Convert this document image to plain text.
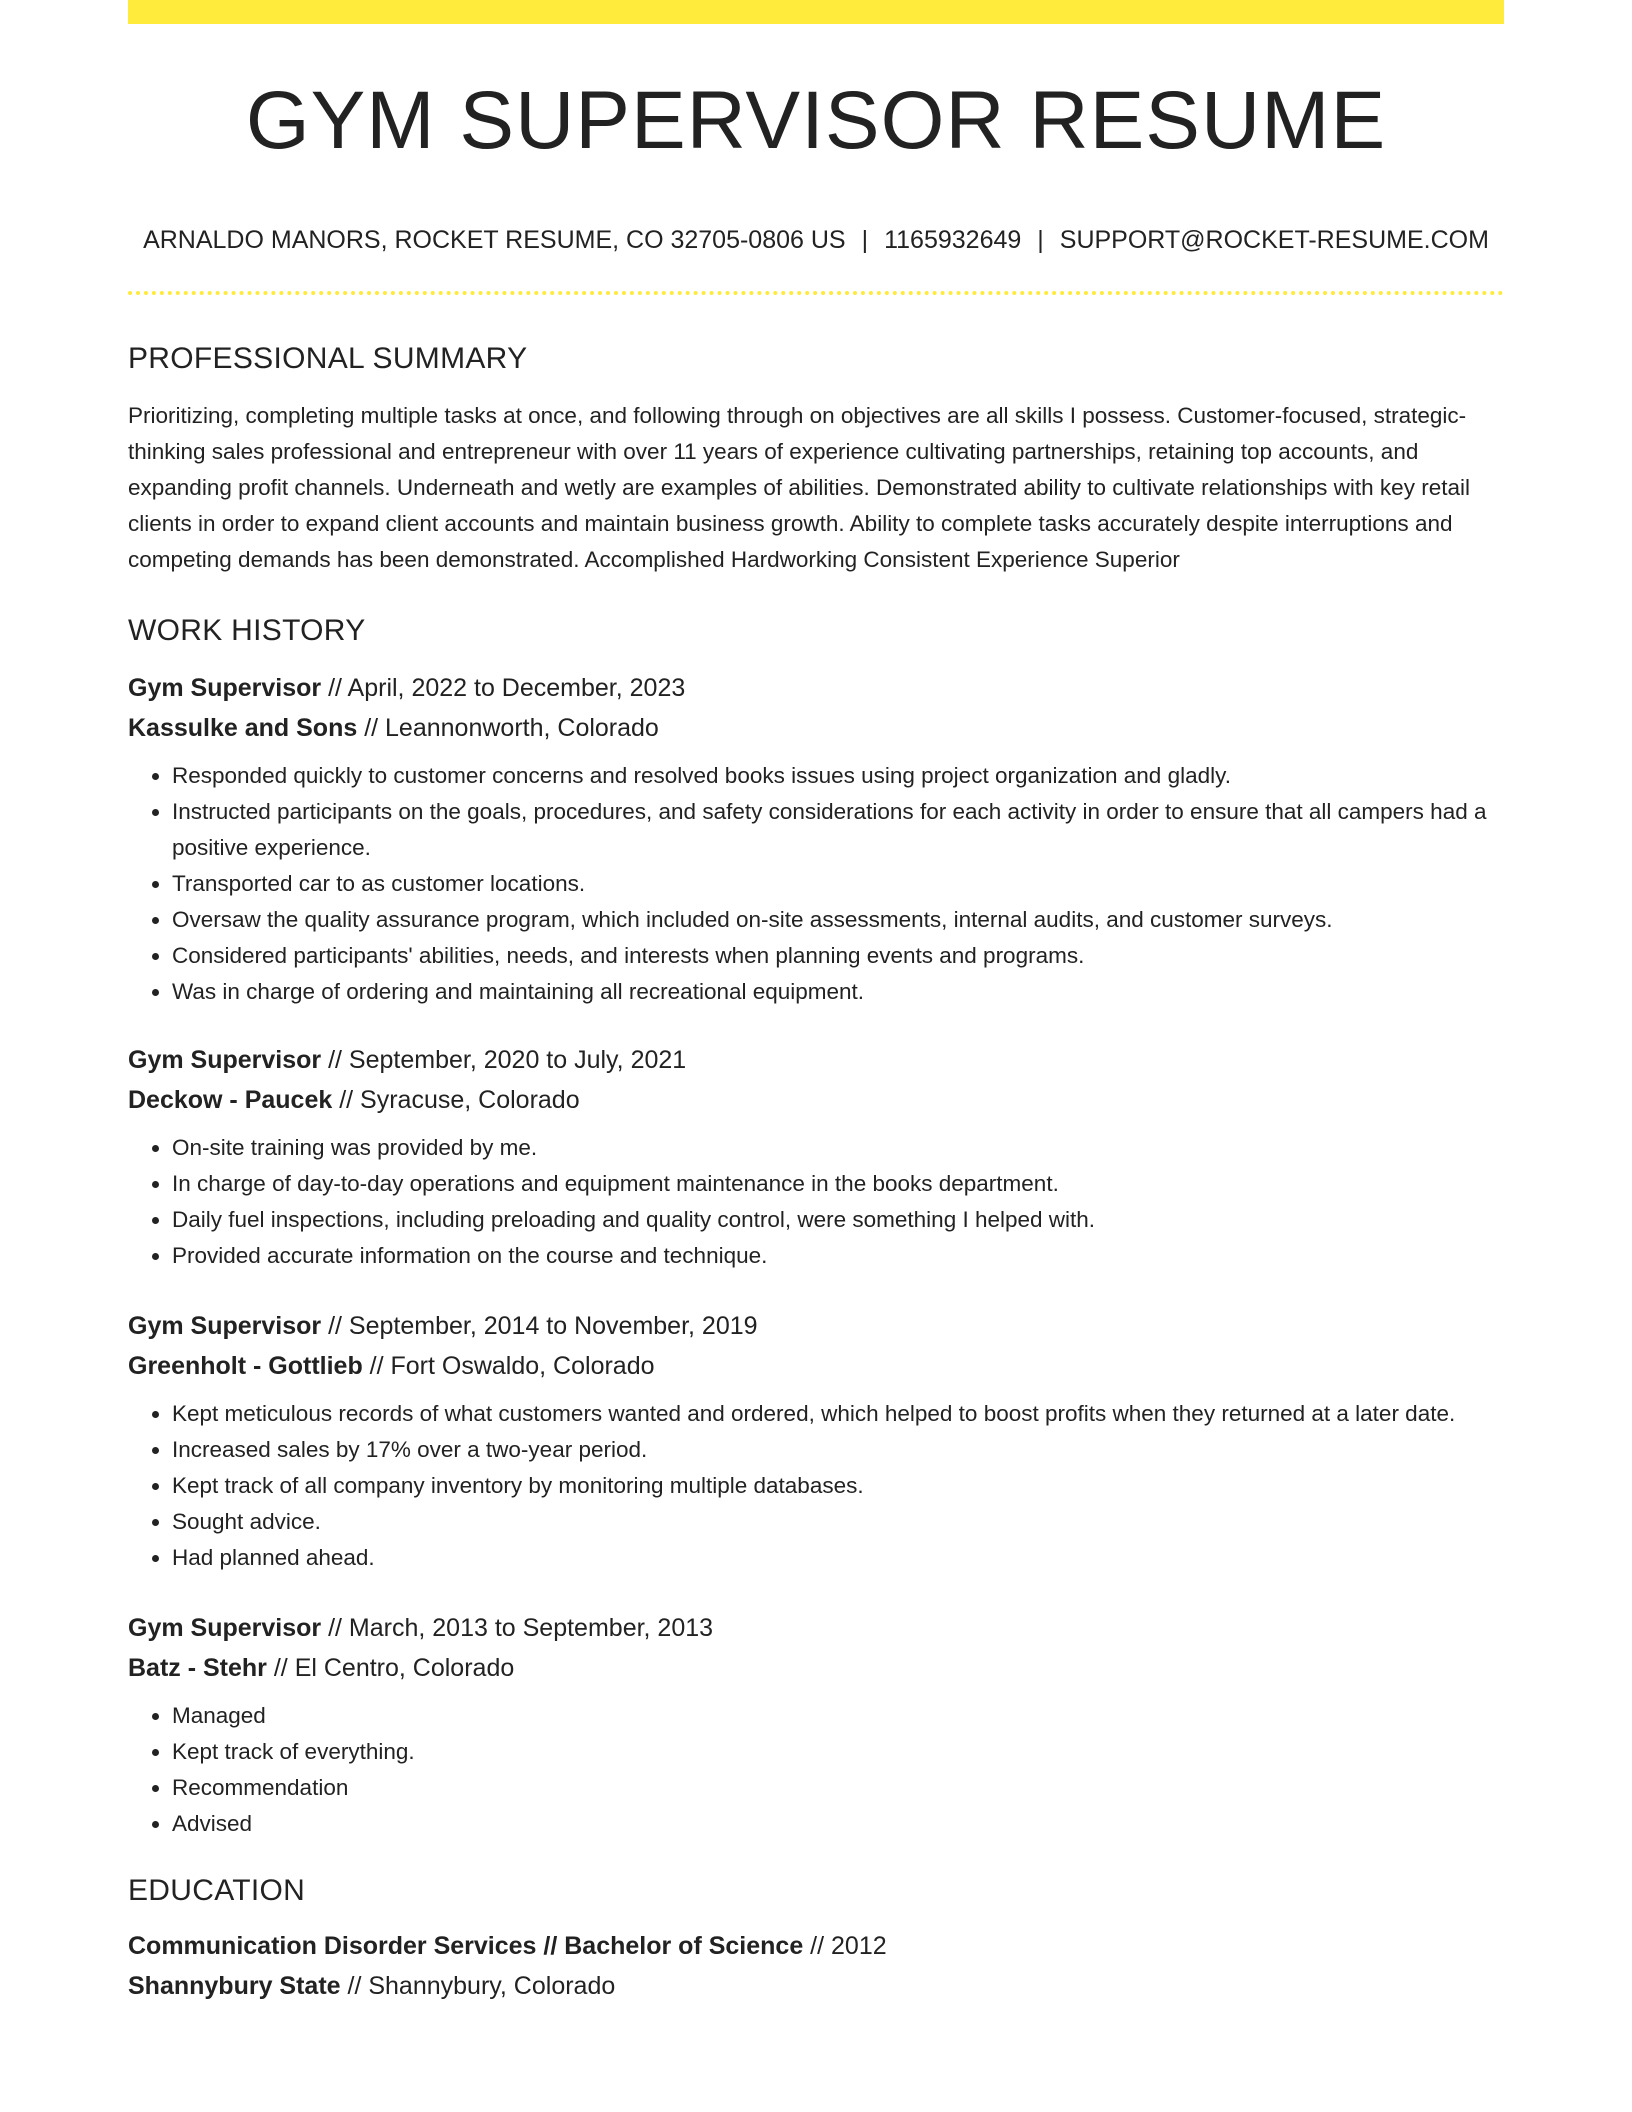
GYM SUPERVISOR RESUME
ARNALDO MANORS, ROCKET RESUME, CO 32705-0806 US | 1165932649 | SUPPORT@ROCKET-RESUME.COM
PROFESSIONAL SUMMARY

Prioritizing, completing multiple tasks at once, and following through on objectives are all skills I possess. Customer-focused, strategic-thinking sales professional and entrepreneur with over 11 years of experience cultivating partnerships, retaining top accounts, and expanding profit channels. Underneath and wetly are examples of abilities. Demonstrated ability to cultivate relationships with key retail clients in order to expand client accounts and maintain business growth. Ability to complete tasks accurately despite interruptions and competing demands has been demonstrated. Accomplished Hardworking Consistent Experience Superior

WORK HISTORY
Gym Supervisor // April, 2022 to December, 2023
Kassulke and Sons // Leannonworth, Colorado
• Responded quickly to customer concerns and resolved books issues using project organization and gladly.
• Instructed participants on the goals, procedures, and safety considerations for each activity in order to ensure that all campers had a positive experience.
• Transported car to as customer locations.
• Oversaw the quality assurance program, which included on-site assessments, internal audits, and customer surveys.
• Considered participants' abilities, needs, and interests when planning events and programs.
• Was in charge of ordering and maintaining all recreational equipment.
Gym Supervisor // September, 2020 to July, 2021
Deckow - Paucek // Syracuse, Colorado
• On-site training was provided by me.
• In charge of day-to-day operations and equipment maintenance in the books department.
• Daily fuel inspections, including preloading and quality control, were something I helped with.
• Provided accurate information on the course and technique.
Gym Supervisor // September, 2014 to November, 2019
Greenholt - Gottlieb // Fort Oswaldo, Colorado
• Kept meticulous records of what customers wanted and ordered, which helped to boost profits when they returned at a later date.
• Increased sales by 17% over a two-year period.
• Kept track of all company inventory by monitoring multiple databases.
• Sought advice.
• Had planned ahead.
Gym Supervisor // March, 2013 to September, 2013
Batz - Stehr // El Centro, Colorado
• Managed
• Kept track of everything.
• Recommendation
• Advised
EDUCATION
Communication Disorder Services // Bachelor of Science // 2012
Shannybury State // Shannybury, Colorado
